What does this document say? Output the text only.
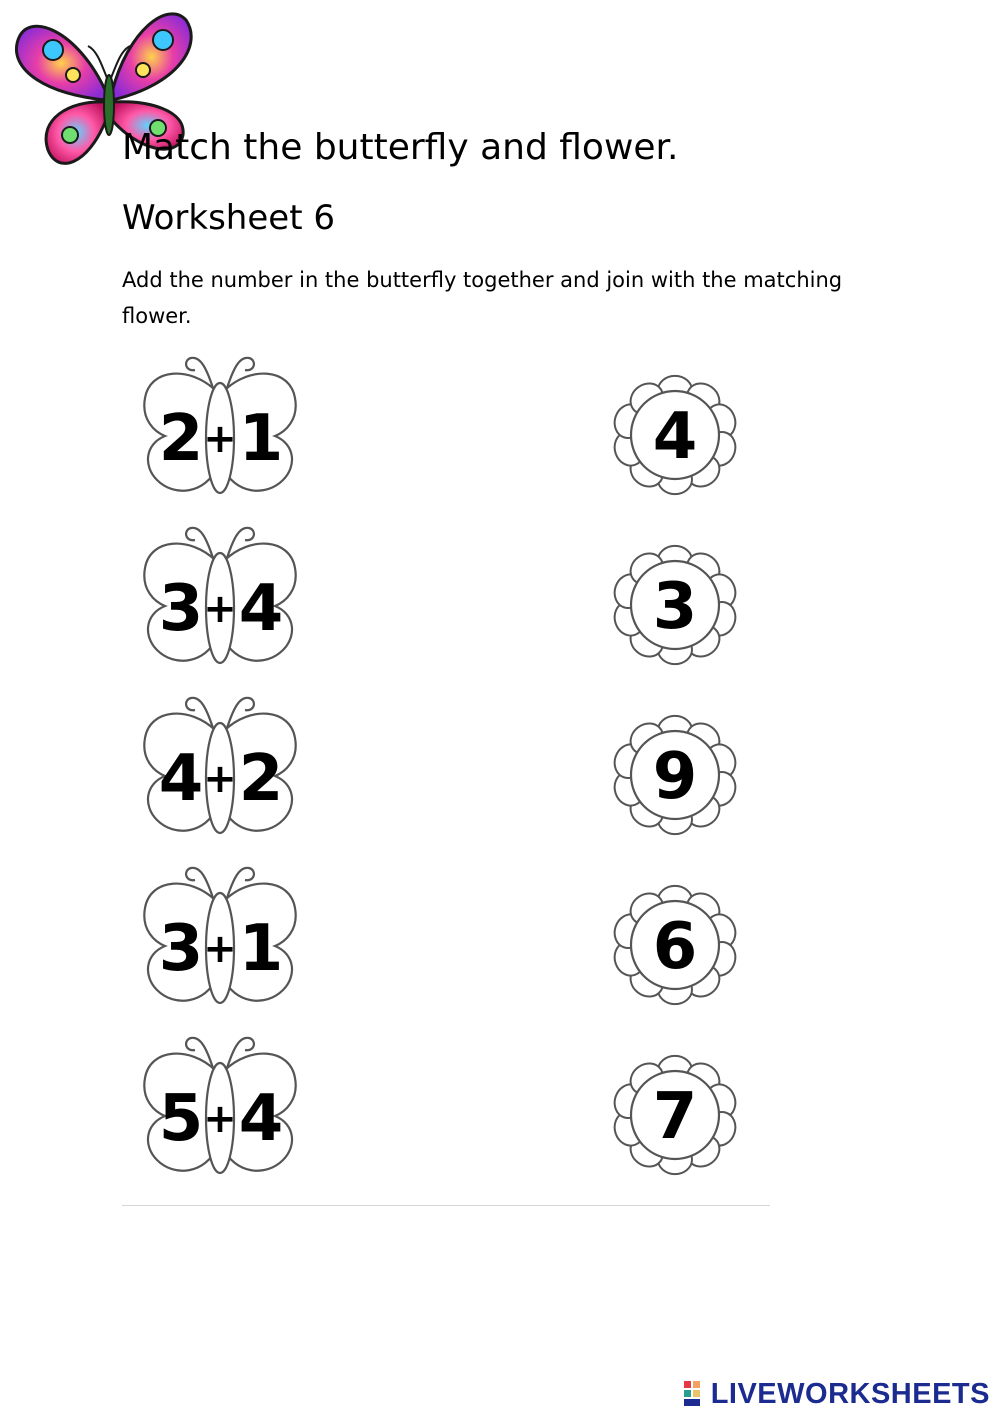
Match the butterfly and flower.
Worksheet 6

Add the number in the butterfly together and join with the matching flower.

2 + 1
3 + 4
4 + 2
3 + 1
5 + 4
4
3
9
6
7
LIVEWORKSHEETS
